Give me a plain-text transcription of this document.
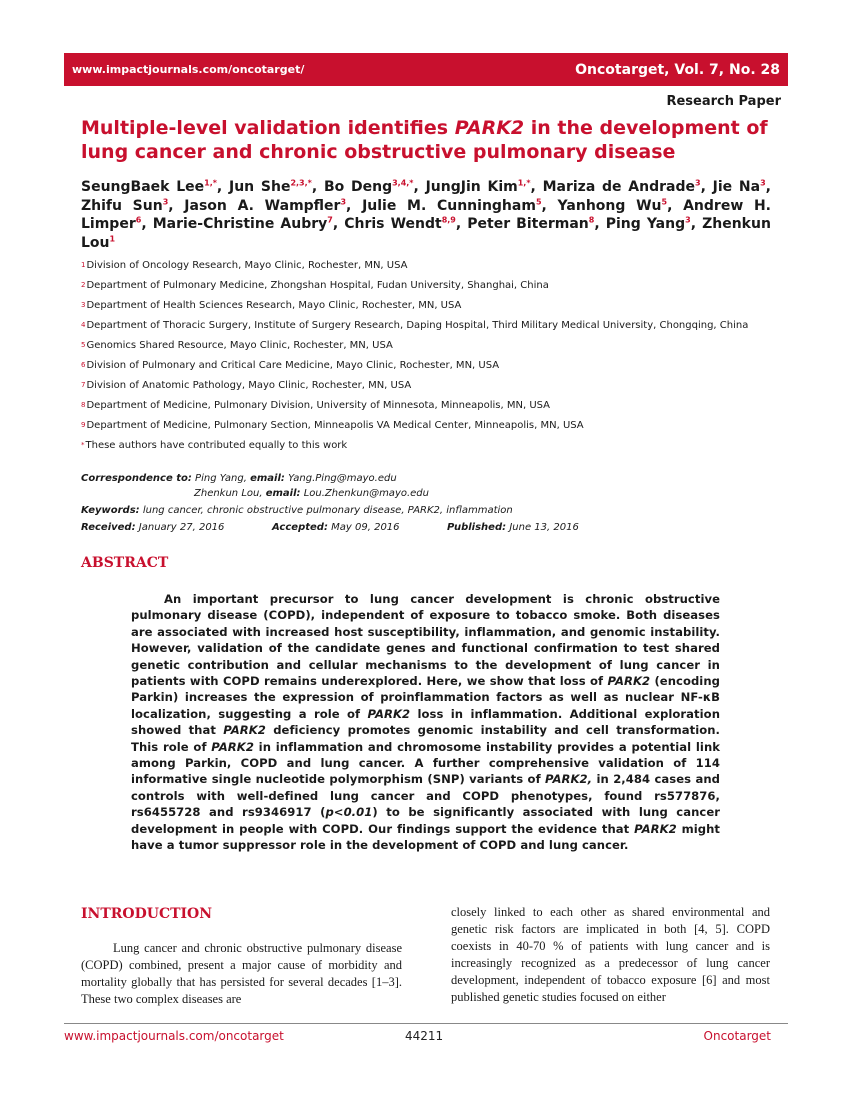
www.impactjournals.com/oncotarget/	Oncotarget, Vol. 7, No. 28
Research Paper
Multiple-level validation identifies PARK2 in the development of lung cancer and chronic obstructive pulmonary disease

SeungBaek Lee$^{1,*}$, Jun She$^{2,3,*}$, Bo Deng$^{3,4,*}$, JungJin Kim$^{1,*}$, Mariza de Andrade$^3$, Jie Na$^3$, Zhifu Sun$^3$, Jason A. Wampfler$^3$, Julie M. Cunningham$^5$, Yanhong Wu$^5$, Andrew H. Limper$^6$, Marie-Christine Aubry$^7$, Chris Wendt$^{8,9}$, Peter Biterman$^8$, Ping Yang$^3$, Zhenkun Lou$^1$

1 Division of Oncology Research, Mayo Clinic, Rochester, MN, USA
2 Department of Pulmonary Medicine, Zhongshan Hospital, Fudan University, Shanghai, China
3 Department of Health Sciences Research, Mayo Clinic, Rochester, MN, USA
4 Department of Thoracic Surgery, Institute of Surgery Research, Daping Hospital, Third Military Medical University, Chongqing, China
5 Genomics Shared Resource, Mayo Clinic, Rochester, MN, USA
6 Division of Pulmonary and Critical Care Medicine, Mayo Clinic, Rochester, MN, USA
7 Division of Anatomic Pathology, Mayo Clinic, Rochester, MN, USA
8 Department of Medicine, Pulmonary Division, University of Minnesota, Minneapolis, MN, USA
9 Department of Medicine, Pulmonary Section, Minneapolis VA Medical Center, Minneapolis, MN, USA
* These authors have contributed equally to this work
Correspondence to: Ping Yang, email: Yang.Ping@mayo.edu
Zhenkun Lou, email: Lou.Zhenkun@mayo.edu
Keywords: lung cancer, chronic obstructive pulmonary disease, PARK2, inflammation
Received: January 27, 2016	Accepted: May 09, 2016	Published: June 13, 2016
ABSTRACT

An important precursor to lung cancer development is chronic obstructive pulmonary disease (COPD), independent of exposure to tobacco smoke. Both diseases are associated with increased host susceptibility, inflammation, and genomic instability. However, validation of the candidate genes and functional confirmation to test shared genetic contribution and cellular mechanisms to the development of lung cancer in patients with COPD remains underexplored. Here, we show that loss of PARK2 (encoding Parkin) increases the expression of proinflammation factors as well as nuclear NF-κB localization, suggesting a role of PARK2 loss in inflammation. Additional exploration showed that PARK2 deficiency promotes genomic instability and cell transformation. This role of PARK2 in inflammation and chromosome instability provides a potential link among Parkin, COPD and lung cancer. A further comprehensive validation of 114 informative single nucleotide polymorphism (SNP) variants of PARK2, in 2,484 cases and controls with well-defined lung cancer and COPD phenotypes, found rs577876, rs6455728 and rs9346917 (p<0.01) to be significantly associated with lung cancer development in people with COPD. Our findings support the evidence that PARK2 might have a tumor suppressor role in the development of COPD and lung cancer.

INTRODUCTION

Lung cancer and chronic obstructive pulmonary disease (COPD) combined, present a major cause of morbidity and mortality globally that has persisted for several decades [1–3]. These two complex diseases are

closely linked to each other as shared environmental and genetic risk factors are implicated in both [4, 5]. COPD coexists in 40-70 % of patients with lung cancer and is increasingly recognized as a predecessor of lung cancer development, independent of tobacco exposure [6] and most published genetic studies focused on either

www.impactjournals.com/oncotarget	44211	Oncotarget
